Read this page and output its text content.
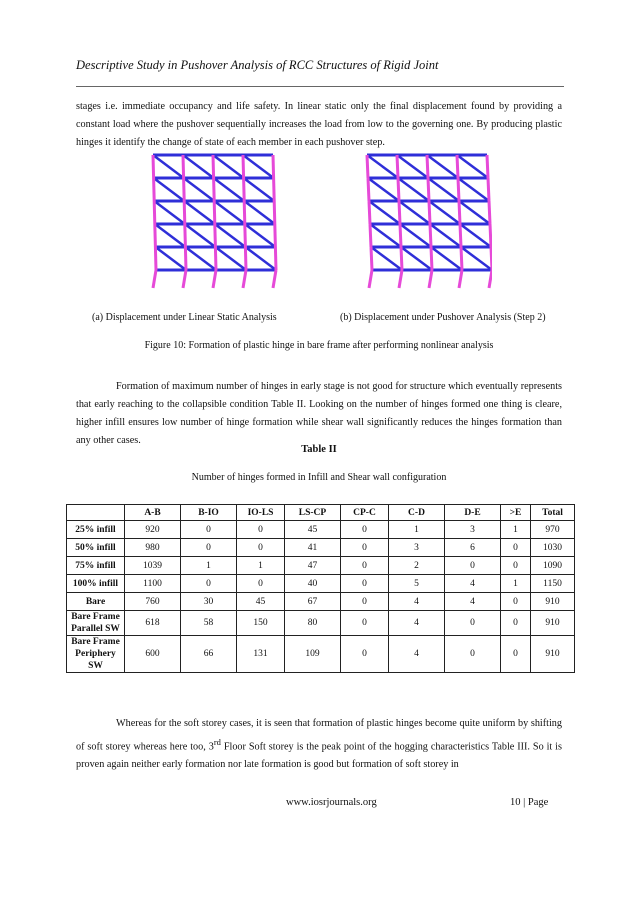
Descriptive Study in Pushover Analysis of RCC Structures of Rigid Joint
stages i.e. immediate occupancy and life safety. In linear static only the final displacement found by providing a constant load where the pushover sequentially increases the load from low to the governing one. By producing plastic hinges it identify the change of state of each member in each pushover step.
(a) Displacement under Linear Static Analysis	(b) Displacement under Pushover Analysis (Step 2)
Figure 10: Formation of plastic hinge in bare frame after performing nonlinear analysis
Formation of maximum number of hinges in early stage is not good for structure which eventually represents that early reaching to the collapsible condition Table II. Looking on the number of hinges formed one thing is cleare, higher infill ensures low number of hinge formation while shear wall significantly reduces the hinges formation than any other cases.
Table II
Number of hinges formed in Infill and Shear wall configuration
	A-B	B-IO	IO-LS	LS-CP	CP-C	C-D	D-E	>E	Total
25% infill	920	0	0	45	0	1	3	1	970
50% infill	980	0	0	41	0	3	6	0	1030
75% infill	1039	1	1	47	0	2	0	0	1090
100% infill	1100	0	0	40	0	5	4	1	1150
Bare	760	30	45	67	0	4	4	0	910
Bare Frame Parallel SW	618	58	150	80	0	4	0	0	910
Bare Frame Periphery SW	600	66	131	109	0	4	0	0	910
Whereas for the soft storey cases, it is seen that formation of plastic hinges become quite uniform by shifting of soft storey whereas here too, 3rd Floor Soft storey is the peak point of the hogging characteristics Table III. So it is proven again neither early formation nor late formation is good but formation of soft storey in
www.iosrjournals.org	10 | Page
